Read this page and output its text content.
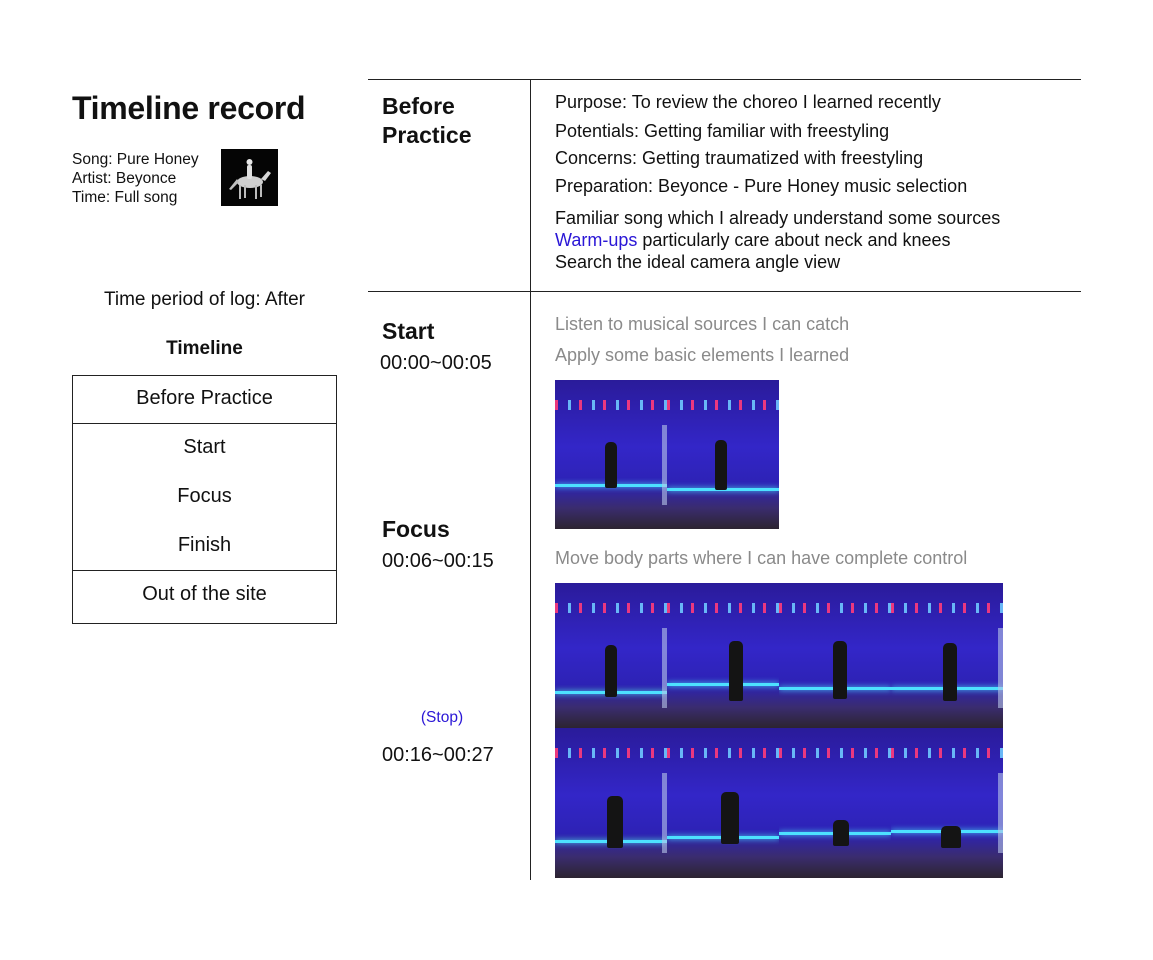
Timeline record
Song: Pure Honey
Artist: Beyonce
Time: Full song
Time period of log: After
Timeline
Before Practice
Start
Focus
Finish
Out of the site
Before Practice
Purpose: To review the choreo I learned recently
Potentials: Getting familiar with freestyling
Concerns: Getting traumatized with freestyling
Preparation: Beyonce - Pure Honey music selection
Familiar song which I already understand some sources
Warm-ups particularly care about neck and knees
Search the ideal camera angle view
Start
00:00~00:05
Listen to musical sources I can catch
Apply some basic elements I learned
Focus
00:06~00:15	Move body parts where I can have complete control
(Stop)
00:16~00:27
